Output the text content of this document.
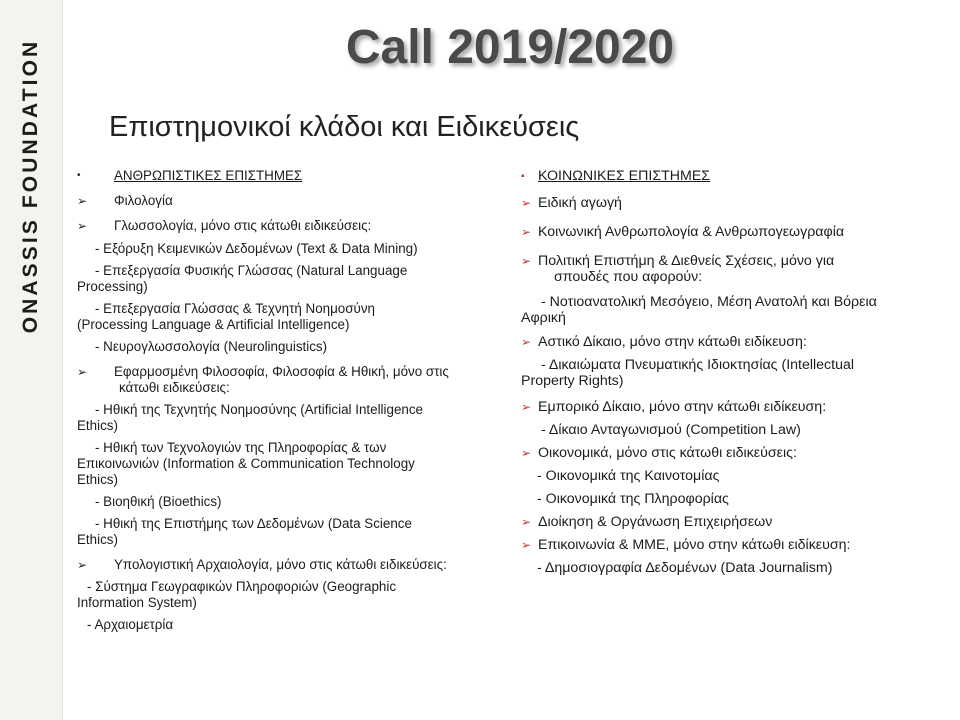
ONASSIS FOUNDATION	Call 2019/2020
Επιστημονικοί κλάδοι και Ειδικεύσεις
• ΑΝΘΡΩΠΙΣΤΙΚΕΣ ΕΠΙΣΤΗΜΕΣ
➢ Φιλολογία
➢ Γλωσσολογία, μόνο στις κάτωθι ειδικεύσεις:
- Εξόρυξη Κειμενικών Δεδομένων (Text & Data Mining)
- Επεξεργασία Φυσικής Γλώσσας (Natural Language
Processing)
- Επεξεργασία Γλώσσας & Τεχνητή Νοημοσύνη
(Processing Language & Artificial Intelligence)
- Νευρογλωσσολογία (Neurolinguistics)
➢ Εφαρμοσμένη Φιλοσοφία, Φιλοσοφία & Ηθική, μόνο στις
κάτωθι ειδικεύσεις:
- Ηθική της Τεχνητής Νοημοσύνης (Artificial Intelligence
Ethics)
- Ηθική των Τεχνολογιών της Πληροφορίας & των
Επικοινωνιών (Information & Communication Technology
Ethics)
- Βιοηθική (Bioethics)
- Ηθική της Επιστήμης των Δεδομένων (Data Science
Ethics)
➢ Υπολογιστική Αρχαιολογία, μόνο στις κάτωθι ειδικεύσεις:
- Σύστημα Γεωγραφικών Πληροφοριών (Geographic
Information System)
- Αρχαιομετρία
▪ ΚΟΙΝΩΝΙΚΕΣ ΕΠΙΣΤΗΜΕΣ
➢ Ειδική αγωγή
➢ Κοινωνική Ανθρωπολογία & Ανθρωπογεωγραφία
➢ Πολιτική Επιστήμη & Διεθνείς Σχέσεις, μόνο για
σπουδές που αφορούν:
- Νοτιοανατολική Μεσόγειο, Μέση Ανατολή και Βόρεια
Αφρική
➢ Αστικό Δίκαιο, μόνο στην κάτωθι ειδίκευση:
- Δικαιώματα Πνευματικής Ιδιοκτησίας (Intellectual
Property Rights)
➢ Εμπορικό Δίκαιο, μόνο στην κάτωθι ειδίκευση:
- Δίκαιο Ανταγωνισμού (Competition Law)
➢ Οικονομικά, μόνο στις κάτωθι ειδικεύσεις:
- Οικονομικά της Καινοτομίας
- Οικονομικά της Πληροφορίας
➢ Διοίκηση & Οργάνωση Επιχειρήσεων
➢ Επικοινωνία & ΜΜΕ, μόνο στην κάτωθι ειδίκευση:
- Δημοσιογραφία Δεδομένων (Data Journalism)
